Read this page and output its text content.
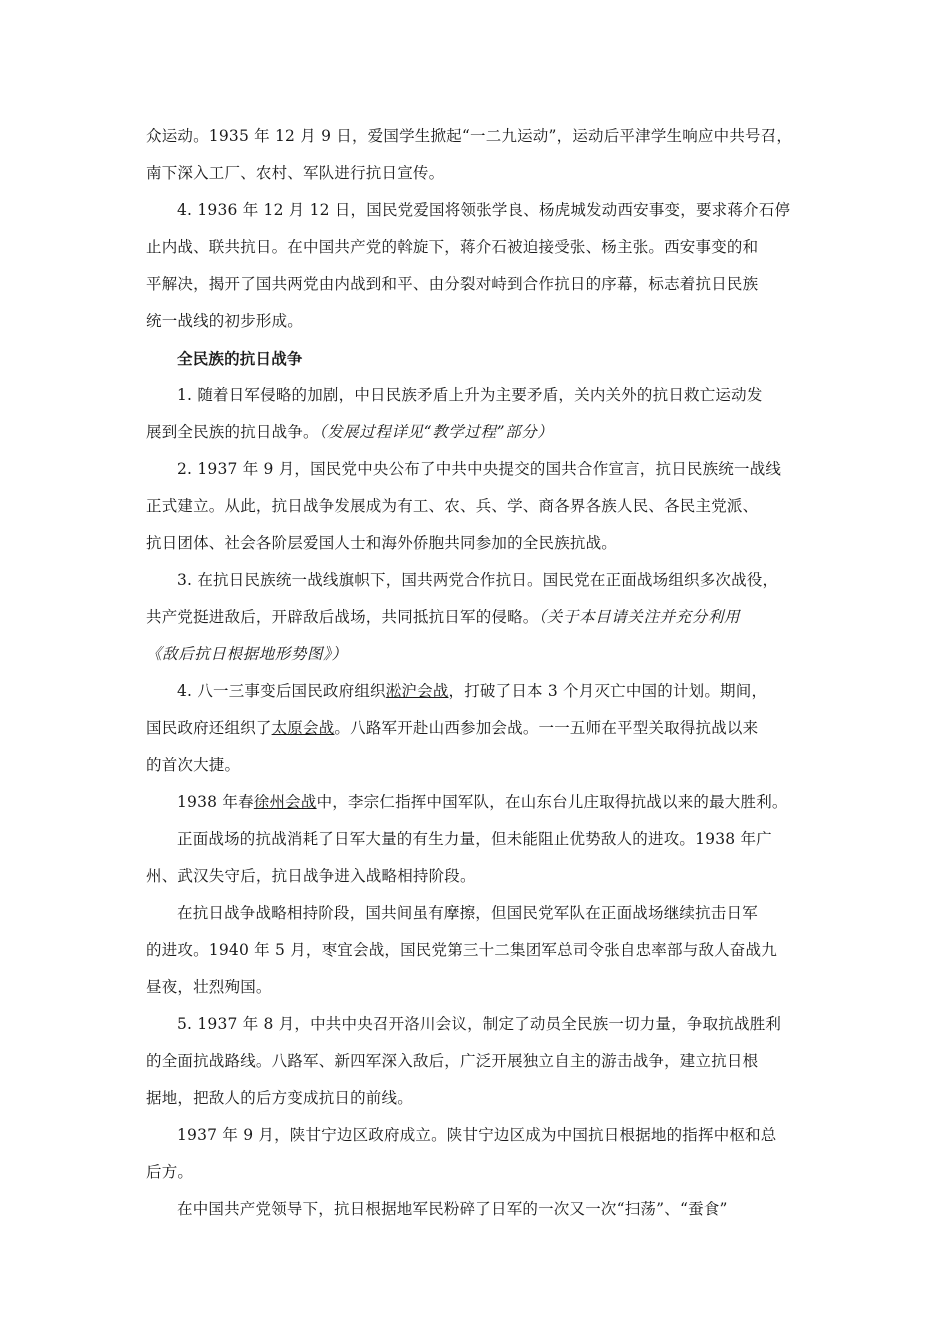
众运动。1935 年 12 月 9 日，爱国学生掀起“一二九运动”，运动后平津学生响应中共号召，
南下深入工厂、农村、军队进行抗日宣传。
4. 1936 年 12 月 12 日，国民党爱国将领张学良、杨虎城发动西安事变，要求蒋介石停
止内战、联共抗日。在中国共产党的斡旋下，蒋介石被迫接受张、杨主张。西安事变的和
平解决，揭开了国共两党由内战到和平、由分裂对峙到合作抗日的序幕，标志着抗日民族
统一战线的初步形成。
全民族的抗日战争
1. 随着日军侵略的加剧，中日民族矛盾上升为主要矛盾，关内关外的抗日救亡运动发
展到全民族的抗日战争。（发展过程详见“教学过程”部分）
2. 1937 年 9 月，国民党中央公布了中共中央提交的国共合作宣言，抗日民族统一战线
正式建立。从此，抗日战争发展成为有工、农、兵、学、商各界各族人民、各民主党派、
抗日团体、社会各阶层爱国人士和海外侨胞共同参加的全民族抗战。
3. 在抗日民族统一战线旗帜下，国共两党合作抗日。国民党在正面战场组织多次战役，
共产党挺进敌后，开辟敌后战场，共同抵抗日军的侵略。（关于本目请关注并充分利用
《敌后抗日根据地形势图》）
4. 八一三事变后国民政府组织淞沪会战，打破了日本 3 个月灭亡中国的计划。期间，
国民政府还组织了太原会战。八路军开赴山西参加会战。一一五师在平型关取得抗战以来
的首次大捷。
1938 年春徐州会战中，李宗仁指挥中国军队，在山东台儿庄取得抗战以来的最大胜利。
正面战场的抗战消耗了日军大量的有生力量，但未能阻止优势敌人的进攻。1938 年广
州、武汉失守后，抗日战争进入战略相持阶段。
在抗日战争战略相持阶段，国共间虽有摩擦，但国民党军队在正面战场继续抗击日军
的进攻。1940 年 5 月，枣宜会战，国民党第三十二集团军总司令张自忠率部与敌人奋战九
昼夜，壮烈殉国。
5. 1937 年 8 月，中共中央召开洛川会议，制定了动员全民族一切力量，争取抗战胜利
的全面抗战路线。八路军、新四军深入敌后，广泛开展独立自主的游击战争，建立抗日根
据地，把敌人的后方变成抗日的前线。
1937 年 9 月，陕甘宁边区政府成立。陕甘宁边区成为中国抗日根据地的指挥中枢和总
后方。
在中国共产党领导下，抗日根据地军民粉碎了日军的一次又一次“扫荡”、“蚕食”
